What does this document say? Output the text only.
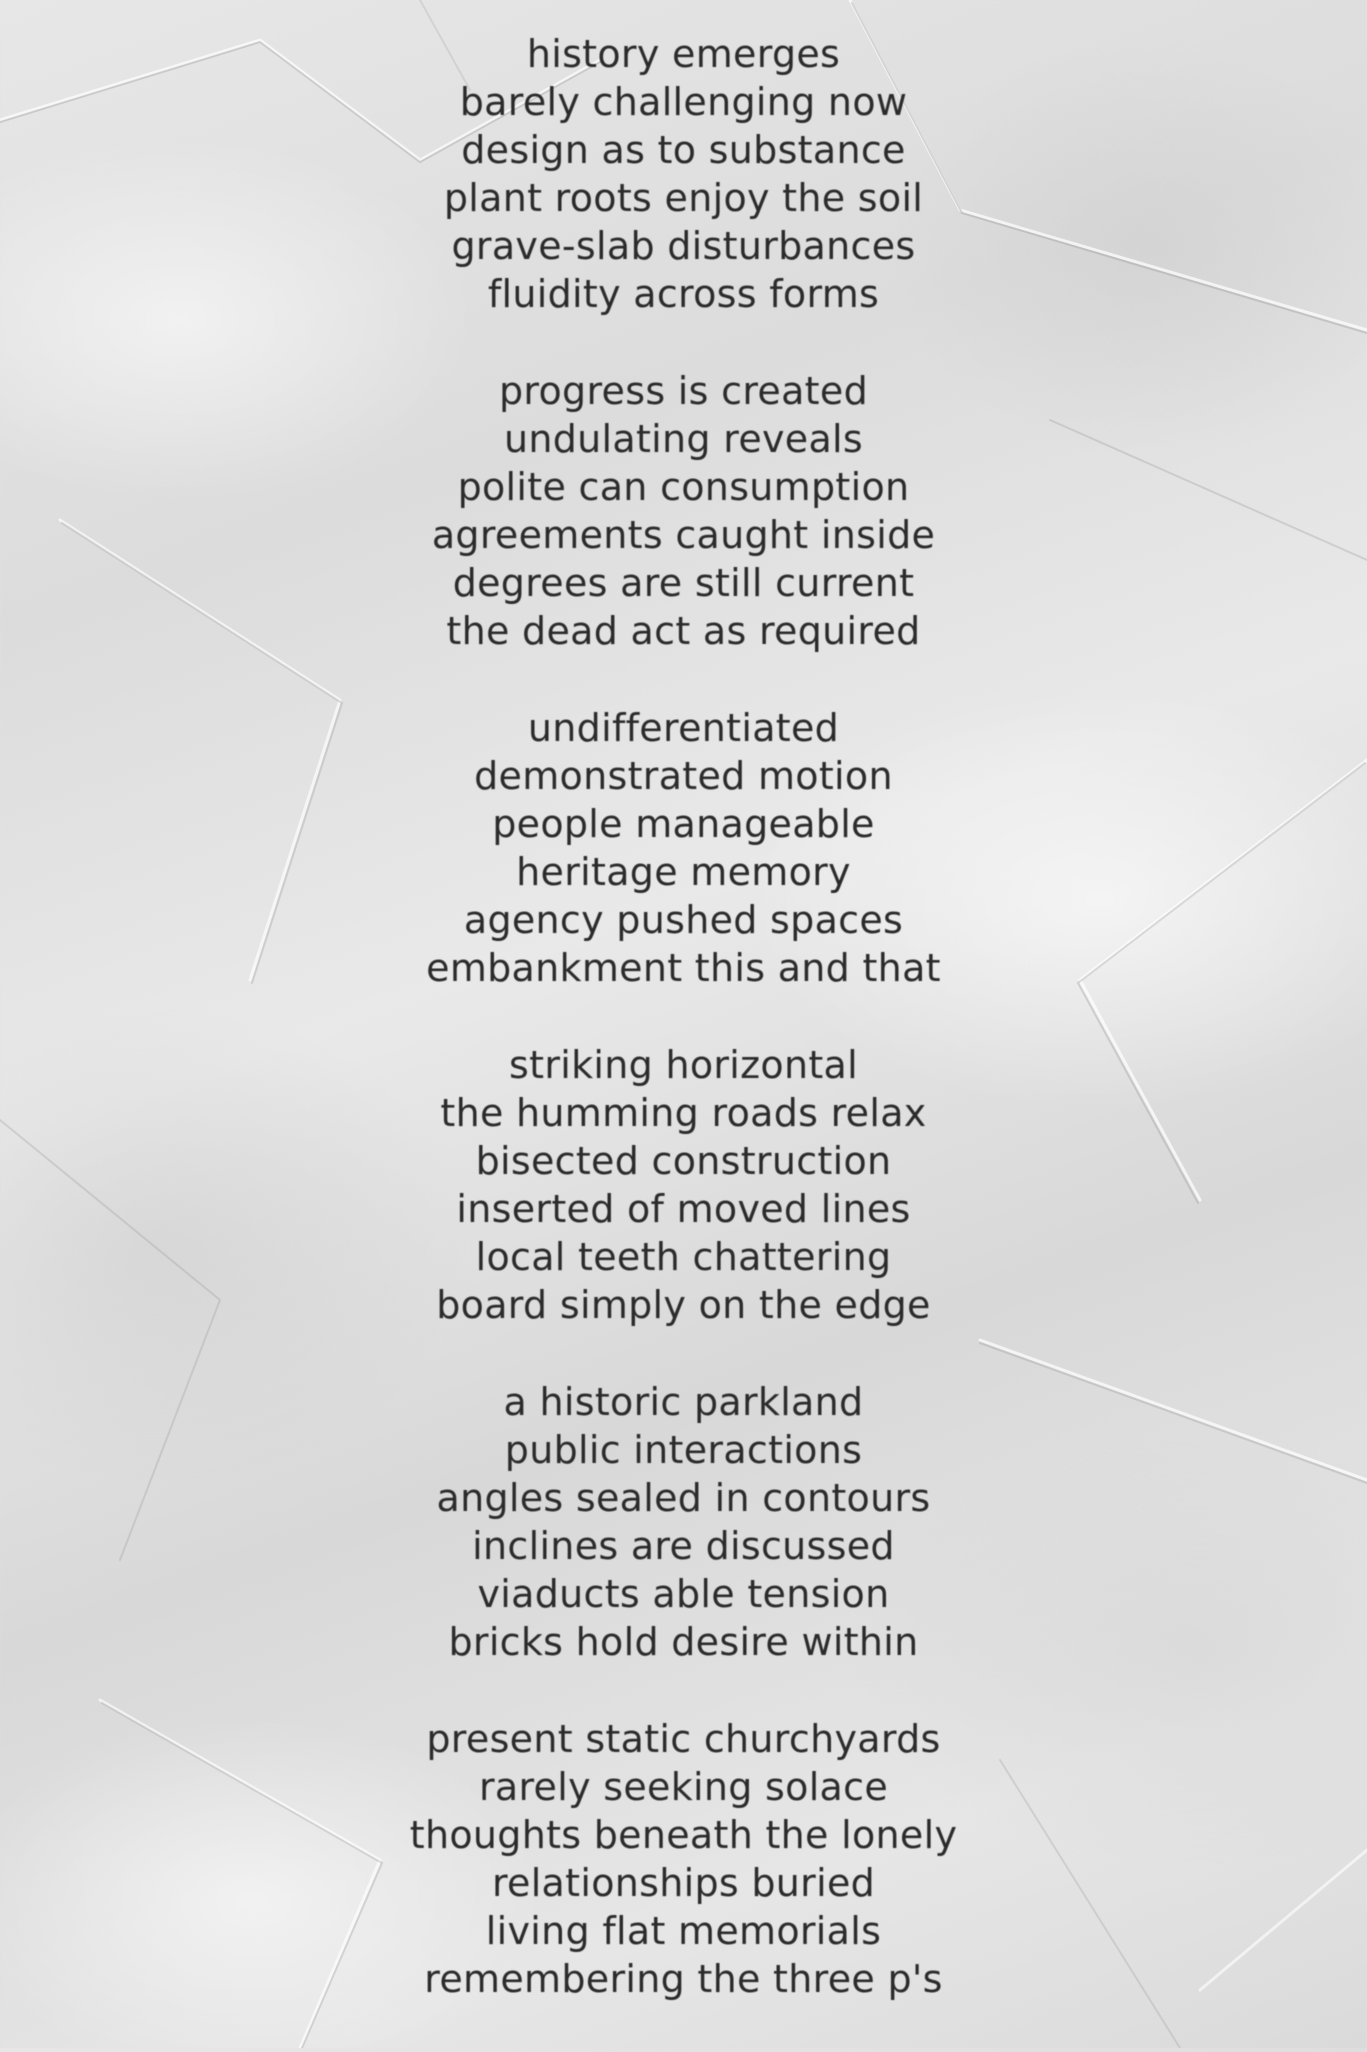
history emerges
barely challenging now
design as to substance
plant roots enjoy the soil
grave-slab disturbances
fluidity across forms
progress is created
undulating reveals
polite can consumption
agreements caught inside
degrees are still current
the dead act as required
undifferentiated
demonstrated motion
people manageable
heritage memory
agency pushed spaces
embankment this and that
striking horizontal
the humming roads relax
bisected construction
inserted of moved lines
local teeth chattering
board simply on the edge
a historic parkland
public interactions
angles sealed in contours
inclines are discussed
viaducts able tension
bricks hold desire within
present static churchyards
rarely seeking solace
thoughts beneath the lonely
relationships buried
living flat memorials
remembering the three p's
